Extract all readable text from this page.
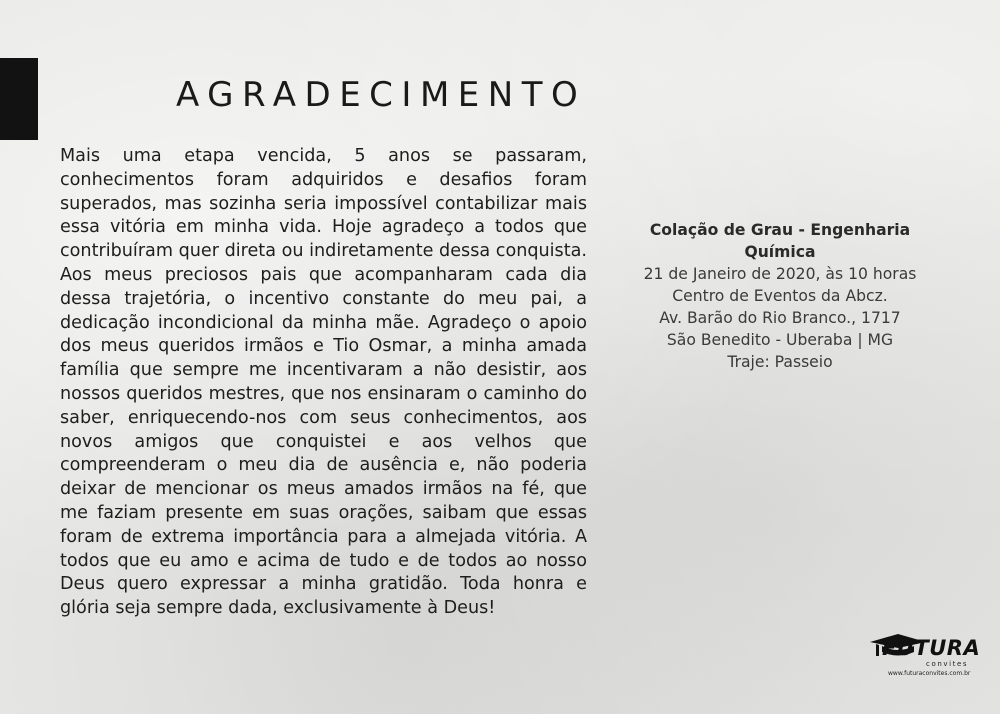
AGRADECIMENTO
Mais uma etapa vencida, 5 anos se passaram, conhecimentos foram adquiridos e desafios foram superados, mas sozinha seria impossível contabilizar mais essa vitória em minha vida. Hoje agradeço a todos que contribuíram quer direta ou indiretamente dessa conquista. Aos meus preciosos pais que acompanharam cada dia dessa trajetória, o incentivo constante do meu pai, a dedicação incondicional da minha mãe. Agradeço o apoio dos meus queridos irmãos e Tio Osmar, a minha amada família que sempre me incentivaram a não desistir, aos nossos queridos mestres, que nos ensinaram o caminho do saber, enriquecendo-nos com seus conhecimentos, aos novos amigos que conquistei e aos velhos que compreenderam o meu dia de ausência e, não poderia deixar de mencionar os meus amados irmãos na fé, que me faziam presente em suas orações, saibam que essas foram de extrema importância para a almejada vitória. A todos que eu amo e acima de tudo e de todos ao nosso Deus quero expressar a minha gratidão. Toda honra e glória seja sempre dada, exclusivamente à Deus!
Colação de Grau - Engenharia
Química
21 de Janeiro de 2020, às 10 horas
Centro de Eventos da Abcz.
Av. Barão do Rio Branco., 1717
São Benedito - Uberaba | MG
Traje: Passeio
FUTURA
convites
www.futuraconvites.com.br
